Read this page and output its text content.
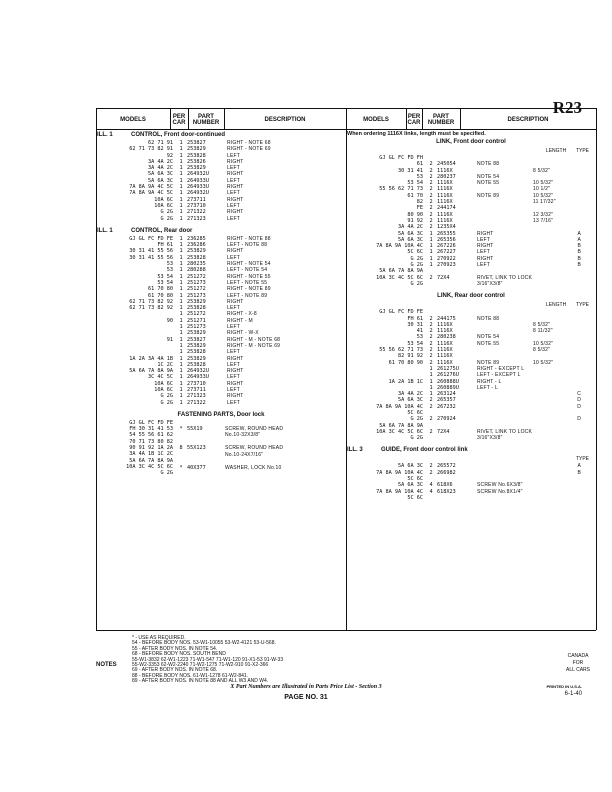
R23
MODELS	PER CAR
PART NUMBER	DESCRIPTION	MODELS	PER CAR
PART NUMBER	DESCRIPTION
ILL. 1	CONTROL, Front door-continued
62 71 91	1 253827	RIGHT - NOTE 68
62 71 73 82 91	1 253829	RIGHT - NOTE 69
92	1 253828	LEFT
3A 4A 2C	1 253826	RIGHT
3A 4A 2C	1 253829	LEFT
5A 6A 3C	1 264932U	RIGHT
5A 6A 3C	1 264933U	LEFT
7A 8A 9A 4C 5C	1 264933U	RIGHT
7A 8A 9A 4C 5C	1 264932U	LEFT
10A 6C	1 273711	RIGHT
10A 6C	1 273710	LEFT
G 2G	1 271322	RIGHT
G 2G	1 271323	LEFT
ILL. 1	CONTROL, Rear door
GJ GL FC FD FE	1 236285	RIGHT - NOTE 88
FH 61	1 236286	LEFT - NOTE 88
30 31 41 55 56	1 253829	RIGHT
30 31 41 55 56	1 253828	LEFT
53	1 280235	RIGHT - NOTE 54
53	1 280288	LEFT - NOTE 54
53 54	1 251272	RIGHT - NOTE 55
53 54	1 251273	LEFT - NOTE 55
61 70 80	1 251272	RIGHT - NOTE 89
61 70 80	1 251273	LEFT - NOTE 89
62 71 73 82 92	1 253829	RIGHT
62 71 73 82 92	1 253828	LEFT
1 251272	RIGHT - X-8
90	1 251271	RIGHT - M
1 251273	LEFT
1 253829	RIGHT - W-X
91	1 253827	RIGHT - M - NOTE 68
1 253829	RIGHT - M - NOTE 69
1 253828	LEFT
1A 2A 3A 4A 1B	1 253829	RIGHT
1C 2C	1 253828	LEFT
5A 6A 7A 8A 9A	1 264932U	RIGHT
3C 4C 5C	1 264933U	LEFT
10A 6C	1 273710	RIGHT
10A 6C	1 273711	LEFT
G 2G	1 271323	RIGHT
G 2G	1 271322	LEFT
FASTENING PARTS, Door lock
GJ GL FC FD FE
FH 30 31 41 53
54 55 56 61 62
70 71 73 80 82
90 91 92 1A 2A
3A 4A 1B 1C 2C
5A 6A 7A 8A 9A
10A 3C 4C 5C 6C
G 2G
* 55X19	SCREW, ROUND HEAD
No.10-32X3/8"
8 55X123	SCREW, ROUND HEAD
No.10-24X7/16"
* 40X377	WASHER, LOCK No.10
When ordering 1116X links, length must be specified.
LINK, Front door control
LENGTH TYPE
GJ GL FC FD FH
61	2 245054	NOTE 88
30 31 41	2 1116X	8 5/32"
53	2 280237	NOTE 54
53 54	2 1116X	NOTE 55	10 5/32"
55 56 62 71 73	2 1116X	10 1/2"
61 70	2 1116X	NOTE 89	10 5/32"
82	2 1116X	11 17/32"
FE	2 244174
80 90	2 1116X	12 3/32"
91 92	2 1116X	13 7/16"
3A 4A 2C	2 1235X4
5A 6A 3C	1 265355	RIGHT	A
5A 6A 3C	1 265356	LEFT	A
7A 8A 9A 10A 4C	1 267226	RIGHT	B
5C 6C	1 267227	LEFT	B
G 2G	1 270922	RIGHT	B
G 2G	1 270923	LEFT	B
5A 6A 7A 8A 9A
10A 3C 4C 5C 6C	2 72X4	RIVET, LINK TO LOCK
G 2G	3/16"X3/8"
LINK, Rear door control
LENGTH TYPE
GJ GL FC FD FE
FH 61	2 244175	NOTE 88
30 31	2 1116X	8 5/32"
41	2 1116X	8 11/32"
53	2 280238	NOTE 54
53 54	2 1116X	NOTE 55	10 5/32"
55 56 62 71 73	2 1116X	8 5/32"
82 91 92	2 1116X
61 70 80 90	2 1116X	NOTE 89	10 5/32"
1 261275U	RIGHT - EXCEPT L
1 261276U	LEFT - EXCEPT L
1A 2A 1B 1C	1 260888U	RIGHT - L
1 260889U	LEFT - L
3A 4A 2C	1 263124	C
5A 6A 3C	2 265357	D
7A 8A 9A 10A 4C	2 267232	D
5C 6C
G 2G	2 270924	D
5A 6A 7A 8A 9A
10A 3C 4C 5C 6C	2 72X4	RIVET, LINK TO LOCK
G 2G	3/16"X3/8"
ILL. 3	GUIDE, Front door control link
TYPE
5A 6A 3C	2 265572	A
7A 8A 9A 10A 4C	2 266982	B
5C 6C
5A 6A 3C	4 618X6	SCREW No.6X3/8"
7A 8A 9A 10A 4C	4 618X23	SCREW No.8X1/4"
5C 6C
NOTES
* - USE AS REQUIRED.
54 - BEFORE BODY NOS. 53-W1-10055 53-W2-4121 53-U-568.
55 - AFTER BODY NOS. IN NOTE 54.
68 - BEFORE BODY NOS. SOUTH BEND
55-W1-3832 62-W1-1223 71-W1-547 71-W1-120 91-X1-53 91-W-33
55-W2-3353 62-W2-2240 71-W2-1275 71-W2-910 91-X2-366
69 - AFTER BODY NOS. IN NOTE 68.
88 - BEFORE BODY NOS. 61-W1-1278 61-W2-841.
89 - AFTER BODY NOS. IN NOTE 88 AND ALL W3 AND W4.
CANADA
FOR
ALL CARS
X Part Numbers are Illustrated in Parts Price List - Section 3
PAGE NO. 31
PRINTED IN U.S.A.
6-1-40
